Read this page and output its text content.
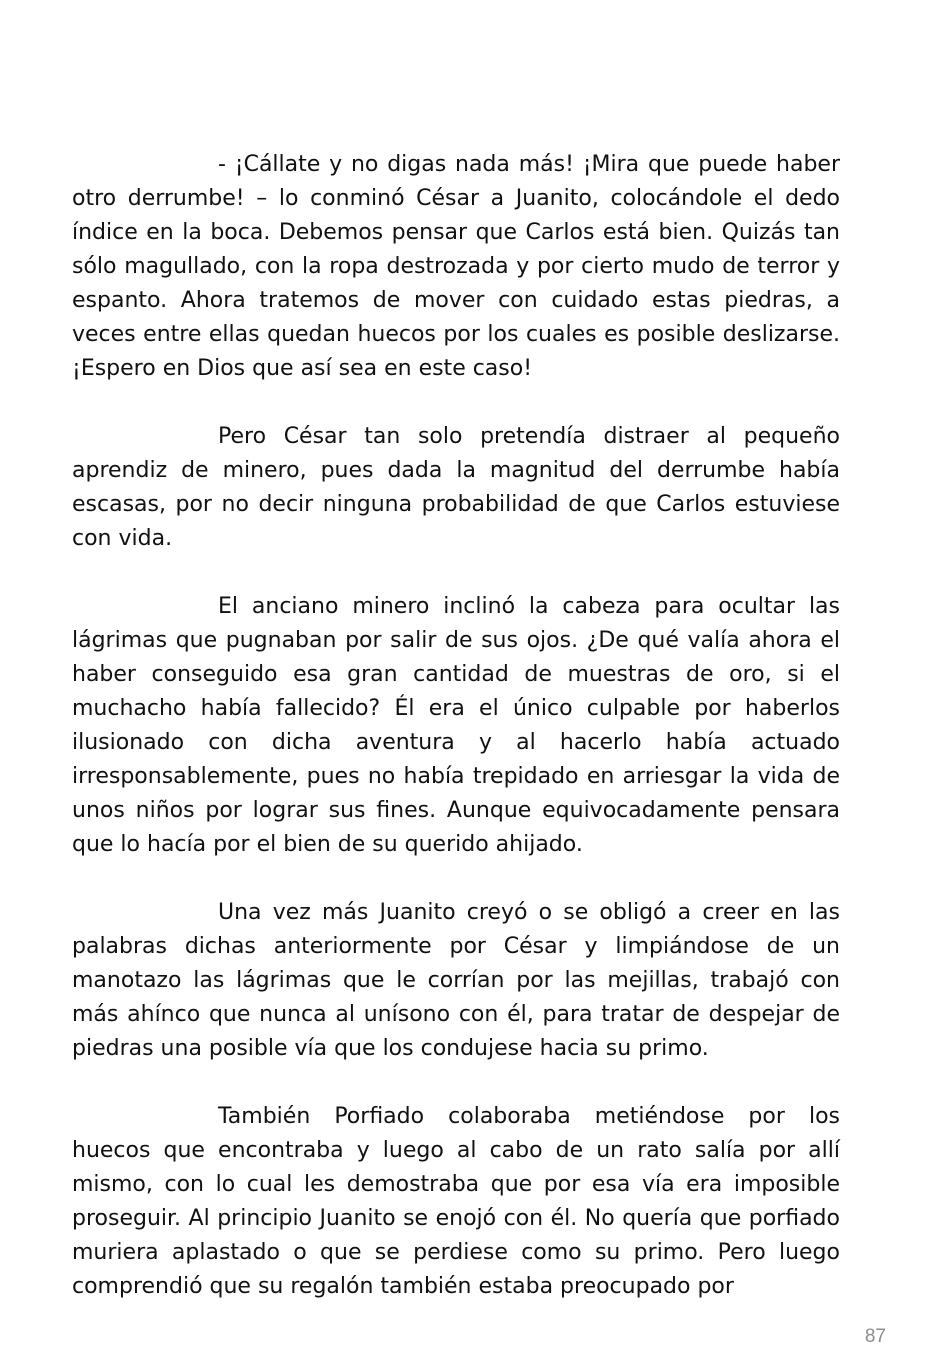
- ¡Cállate y no digas nada más! ¡Mira que puede haber otro derrumbe! – lo conminó César a Juanito, colocándole el dedo índice en la boca. Debemos pensar que Carlos está bien. Quizás tan sólo magullado, con la ropa destrozada y por cierto mudo de terror y espanto. Ahora tratemos de mover con cuidado estas piedras, a veces entre ellas quedan huecos por los cuales es posible deslizarse. ¡Espero en Dios que así sea en este caso!

Pero César tan solo pretendía distraer al pequeño aprendiz de minero, pues dada la magnitud del derrumbe había escasas, por no decir ninguna probabilidad de que Carlos estuviese con vida.

El anciano minero inclinó la cabeza para ocultar las lágrimas que pugnaban por salir de sus ojos. ¿De qué valía ahora el haber conseguido esa gran cantidad de muestras de oro, si el muchacho había fallecido? Él era el único culpable por haberlos ilusionado con dicha aventura y al hacerlo había actuado irresponsablemente, pues no había trepidado en arriesgar la vida de unos niños por lograr sus fines. Aunque equivocadamente pensara que lo hacía por el bien de su querido ahijado.

Una vez más Juanito creyó o se obligó a creer en las palabras dichas anteriormente por César y limpiándose de un manotazo las lágrimas que le corrían por las mejillas, trabajó con más ahínco que nunca al unísono con él, para tratar de despejar de piedras una posible vía que los condujese hacia su primo.

También Porfiado colaboraba metiéndose por los huecos que encontraba y luego al cabo de un rato salía por allí mismo, con lo cual les demostraba que por esa vía era imposible proseguir. Al principio Juanito se enojó con él. No quería que porfiado muriera aplastado o que se perdiese como su primo. Pero luego comprendió que su regalón también estaba preocupado por

87
